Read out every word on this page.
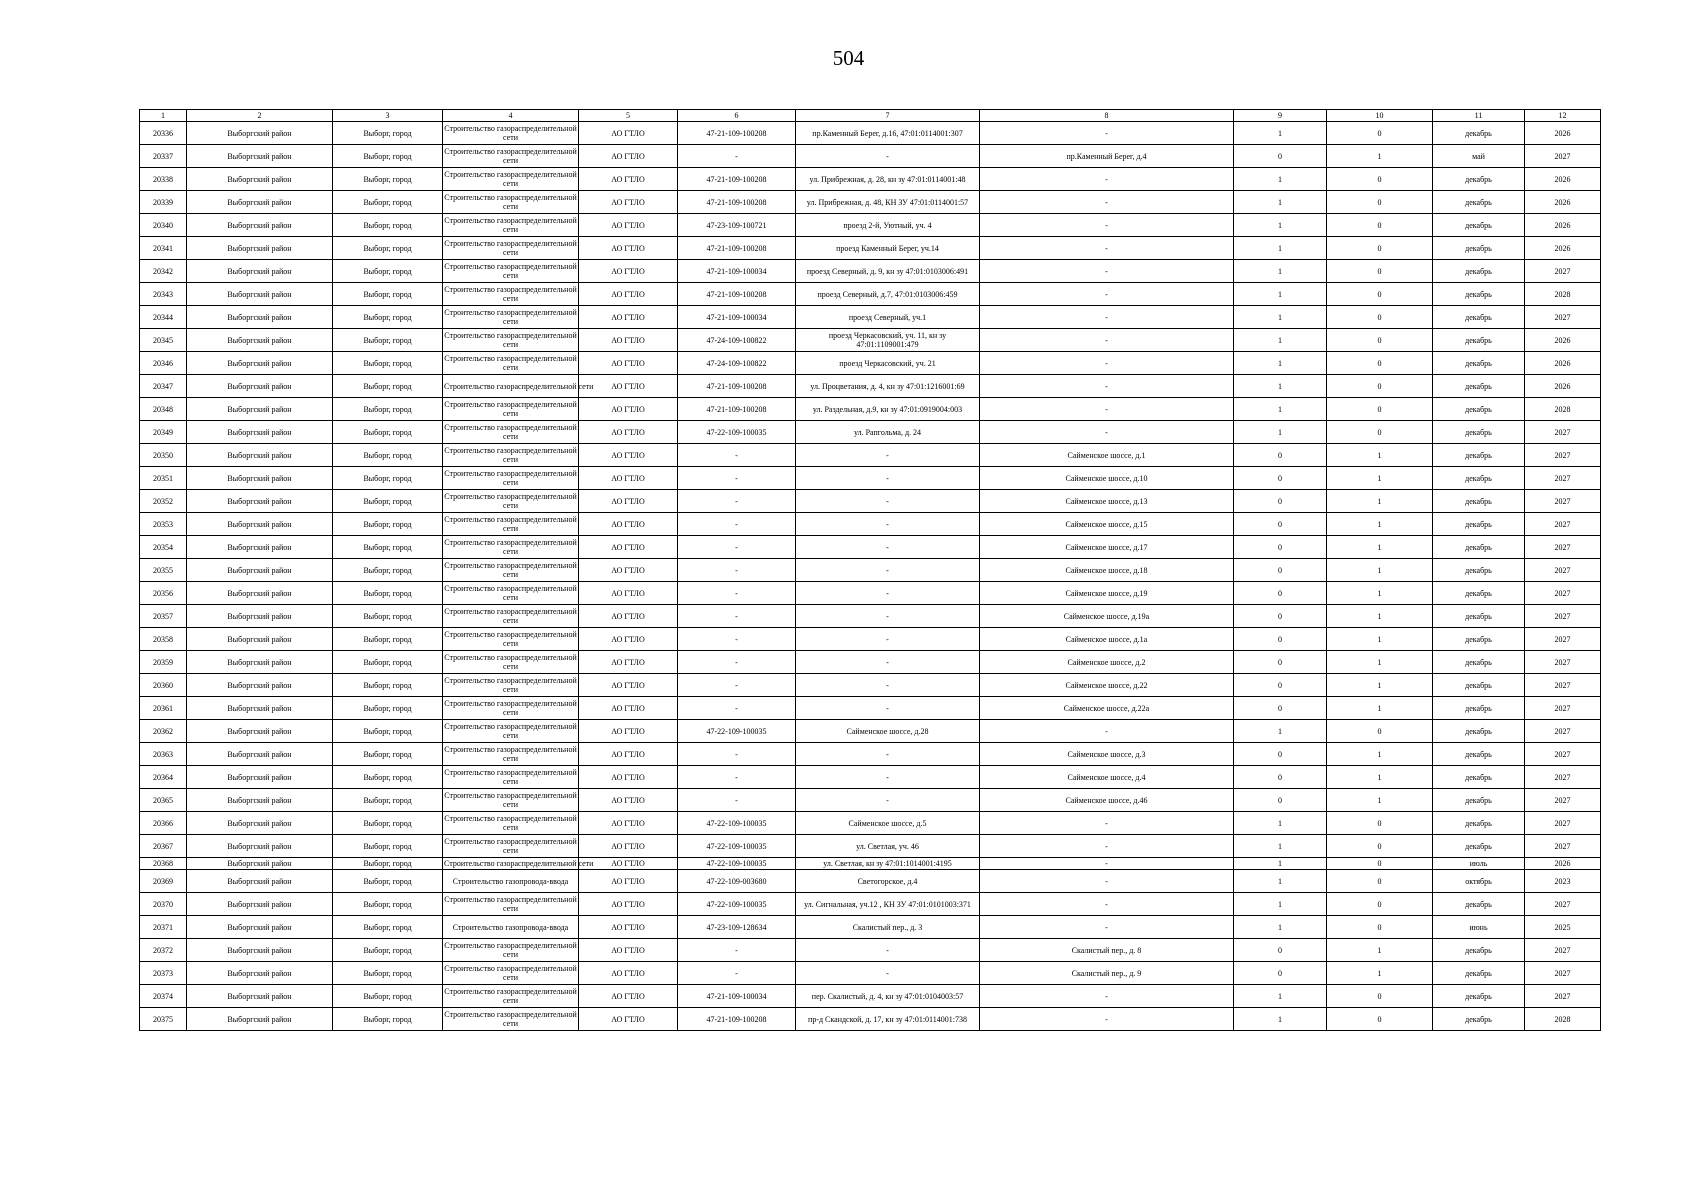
504
1	2	3	4	5	6	7	8	9	10	11	12
20336	Выборгский район	Выборг, город	Строительство газораспределительной сети	АО ГТЛО	47-21-109-100208	пр.Каменный Берег, д.16, 47:01:0114001:307	-	1	0	декабрь	2026
20337	Выборгский район	Выборг, город	Строительство газораспределительной сети	АО ГТЛО	-	-	пр.Каменный Берег, д.4	0	1	май	2027
20338	Выборгский район	Выборг, город	Строительство газораспределительной сети	АО ГТЛО	47-21-109-100208	ул. Прибрежная, д. 28, кн зу 47:01:0114001:48	-	1	0	декабрь	2026
20339	Выборгский район	Выборг, город	Строительство газораспределительной сети	АО ГТЛО	47-21-109-100208	ул. Прибрежная, д. 48, КН ЗУ 47:01:0114001:57	-	1	0	декабрь	2026
20340	Выборгский район	Выборг, город	Строительство газораспределительной сети	АО ГТЛО	47-23-109-100721	проезд 2-й, Уютный, уч. 4	-	1	0	декабрь	2026
20341	Выборгский район	Выборг, город	Строительство газораспределительной сети	АО ГТЛО	47-21-109-100208	проезд Каменный Берег, уч.14	-	1	0	декабрь	2026
20342	Выборгский район	Выборг, город	Строительство газораспределительной сети	АО ГТЛО	47-21-109-100034	проезд Северный, д. 9, кн зу 47:01:0103006:491	-	1	0	декабрь	2027
20343	Выборгский район	Выборг, город	Строительство газораспределительной сети	АО ГТЛО	47-21-109-100208	проезд Северный, д.7, 47:01:0103006:459	-	1	0	декабрь	2028
20344	Выборгский район	Выборг, город	Строительство газораспределительной сети	АО ГТЛО	47-21-109-100034	проезд Северный, уч.1	-	1	0	декабрь	2027
20345	Выборгский район	Выборг, город	Строительство газораспределительной сети	АО ГТЛО	47-24-109-100822	проезд Черкасовский, уч. 11, кн зу 47:01:1109001:479	-	1	0	декабрь	2026
20346	Выборгский район	Выборг, город	Строительство газораспределительной сети	АО ГТЛО	47-24-109-100822	проезд Черкасовский, уч. 21	-	1	0	декабрь	2026
20347	Выборгский район	Выборг, город	Строительство газораспределительной сети	АО ГТЛО	47-21-109-100208	ул. Процветания, д. 4, кн зу 47:01:1216001:69	-	1	0	декабрь	2026
20348	Выборгский район	Выборг, город	Строительство газораспределительной сети	АО ГТЛО	47-21-109-100208	ул. Раздельная, д.9, кн зу 47:01:0919004:003	-	1	0	декабрь	2028
20349	Выборгский район	Выборг, город	Строительство газораспределительной сети	АО ГТЛО	47-22-109-100035	ул. Рапгольма, д. 24	-	1	0	декабрь	2027
20350	Выборгский район	Выборг, город	Строительство газораспределительной сети	АО ГТЛО	-	-	Сайменское шоссе, д.1	0	1	декабрь	2027
20351	Выборгский район	Выборг, город	Строительство газораспределительной сети	АО ГТЛО	-	-	Сайменское шоссе, д.10	0	1	декабрь	2027
20352	Выборгский район	Выборг, город	Строительство газораспределительной сети	АО ГТЛО	-	-	Сайменское шоссе, д.13	0	1	декабрь	2027
20353	Выборгский район	Выборг, город	Строительство газораспределительной сети	АО ГТЛО	-	-	Сайменское шоссе, д.15	0	1	декабрь	2027
20354	Выборгский район	Выборг, город	Строительство газораспределительной сети	АО ГТЛО	-	-	Сайменское шоссе, д.17	0	1	декабрь	2027
20355	Выборгский район	Выборг, город	Строительство газораспределительной сети	АО ГТЛО	-	-	Сайменское шоссе, д.18	0	1	декабрь	2027
20356	Выборгский район	Выборг, город	Строительство газораспределительной сети	АО ГТЛО	-	-	Сайменское шоссе, д.19	0	1	декабрь	2027
20357	Выборгский район	Выборг, город	Строительство газораспределительной сети	АО ГТЛО	-	-	Сайменское шоссе, д.19а	0	1	декабрь	2027
20358	Выборгский район	Выборг, город	Строительство газораспределительной сети	АО ГТЛО	-	-	Сайменское шоссе, д.1а	0	1	декабрь	2027
20359	Выборгский район	Выборг, город	Строительство газораспределительной сети	АО ГТЛО	-	-	Сайменское шоссе, д.2	0	1	декабрь	2027
20360	Выборгский район	Выборг, город	Строительство газораспределительной сети	АО ГТЛО	-	-	Сайменское шоссе, д.22	0	1	декабрь	2027
20361	Выборгский район	Выборг, город	Строительство газораспределительной сети	АО ГТЛО	-	-	Сайменское шоссе, д.22а	0	1	декабрь	2027
20362	Выборгский район	Выборг, город	Строительство газораспределительной сети	АО ГТЛО	47-22-109-100035	Сайменское шоссе, д.28	-	1	0	декабрь	2027
20363	Выборгский район	Выборг, город	Строительство газораспределительной сети	АО ГТЛО	-	-	Сайменское шоссе, д.3	0	1	декабрь	2027
20364	Выборгский район	Выборг, город	Строительство газораспределительной сети	АО ГТЛО	-	-	Сайменское шоссе, д.4	0	1	декабрь	2027
20365	Выборгский район	Выборг, город	Строительство газораспределительной сети	АО ГТЛО	-	-	Сайменское шоссе, д.46	0	1	декабрь	2027
20366	Выборгский район	Выборг, город	Строительство газораспределительной сети	АО ГТЛО	47-22-109-100035	Сайменское шоссе, д.5	-	1	0	декабрь	2027
20367	Выборгский район	Выборг, город	Строительство газораспределительной сети	АО ГТЛО	47-22-109-100035	ул. Светлая, уч. 46	-	1	0	декабрь	2027
20368	Выборгский район	Выборг, город	Строительство газораспределительной сети	АО ГТЛО	47-22-109-100035	ул. Светлая, кн зу 47:01:1014001:4195	-	1	0	июль	2026
20369	Выборгский район	Выборг, город	Строительство газопровода-ввода	АО ГТЛО	47-22-109-003680	Светогорское, д.4	-	1	0	октябрь	2023
20370	Выборгский район	Выборг, город	Строительство газораспределительной сети	АО ГТЛО	47-22-109-100035	ул. Сигнальная, уч.12 , КН ЗУ 47:01:0101003:371	-	1	0	декабрь	2027
20371	Выборгский район	Выборг, город	Строительство газопровода-ввода	АО ГТЛО	47-23-109-128634	Скалистый пер., д. 3	-	1	0	июнь	2025
20372	Выборгский район	Выборг, город	Строительство газораспределительной сети	АО ГТЛО	-	-	Скалистый пер., д. 8	0	1	декабрь	2027
20373	Выборгский район	Выборг, город	Строительство газораспределительной сети	АО ГТЛО	-	-	Скалистый пер., д. 9	0	1	декабрь	2027
20374	Выборгский район	Выборг, город	Строительство газораспределительной сети	АО ГТЛО	47-21-109-100034	пер. Скалистый, д. 4, кн зу 47:01:0104003:57	-	1	0	декабрь	2027
20375	Выборгский район	Выборг, город	Строительство газораспределительной сети	АО ГТЛО	47-21-109-100208	пр-д Скандской, д. 17, кн зу 47:01:0114001:738	-	1	0	декабрь	2028
